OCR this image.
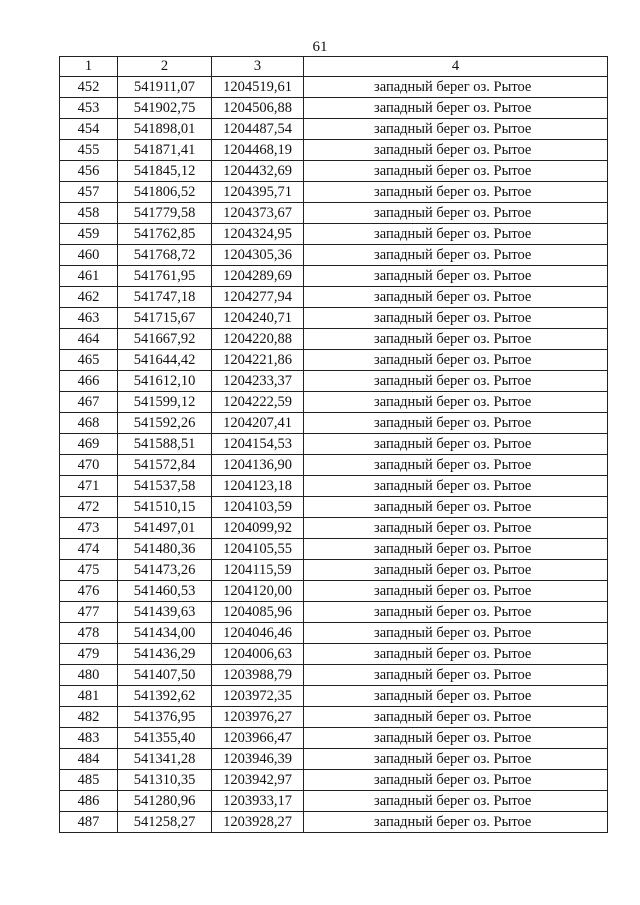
61
1	2	3	4
452	541911,07	1204519,61	западный берег оз. Рытое
453	541902,75	1204506,88	западный берег оз. Рытое
454	541898,01	1204487,54	западный берег оз. Рытое
455	541871,41	1204468,19	западный берег оз. Рытое
456	541845,12	1204432,69	западный берег оз. Рытое
457	541806,52	1204395,71	западный берег оз. Рытое
458	541779,58	1204373,67	западный берег оз. Рытое
459	541762,85	1204324,95	западный берег оз. Рытое
460	541768,72	1204305,36	западный берег оз. Рытое
461	541761,95	1204289,69	западный берег оз. Рытое
462	541747,18	1204277,94	западный берег оз. Рытое
463	541715,67	1204240,71	западный берег оз. Рытое
464	541667,92	1204220,88	западный берег оз. Рытое
465	541644,42	1204221,86	западный берег оз. Рытое
466	541612,10	1204233,37	западный берег оз. Рытое
467	541599,12	1204222,59	западный берег оз. Рытое
468	541592,26	1204207,41	западный берег оз. Рытое
469	541588,51	1204154,53	западный берег оз. Рытое
470	541572,84	1204136,90	западный берег оз. Рытое
471	541537,58	1204123,18	западный берег оз. Рытое
472	541510,15	1204103,59	западный берег оз. Рытое
473	541497,01	1204099,92	западный берег оз. Рытое
474	541480,36	1204105,55	западный берег оз. Рытое
475	541473,26	1204115,59	западный берег оз. Рытое
476	541460,53	1204120,00	западный берег оз. Рытое
477	541439,63	1204085,96	западный берег оз. Рытое
478	541434,00	1204046,46	западный берег оз. Рытое
479	541436,29	1204006,63	западный берег оз. Рытое
480	541407,50	1203988,79	западный берег оз. Рытое
481	541392,62	1203972,35	западный берег оз. Рытое
482	541376,95	1203976,27	западный берег оз. Рытое
483	541355,40	1203966,47	западный берег оз. Рытое
484	541341,28	1203946,39	западный берег оз. Рытое
485	541310,35	1203942,97	западный берег оз. Рытое
486	541280,96	1203933,17	западный берег оз. Рытое
487	541258,27	1203928,27	западный берег оз. Рытое
